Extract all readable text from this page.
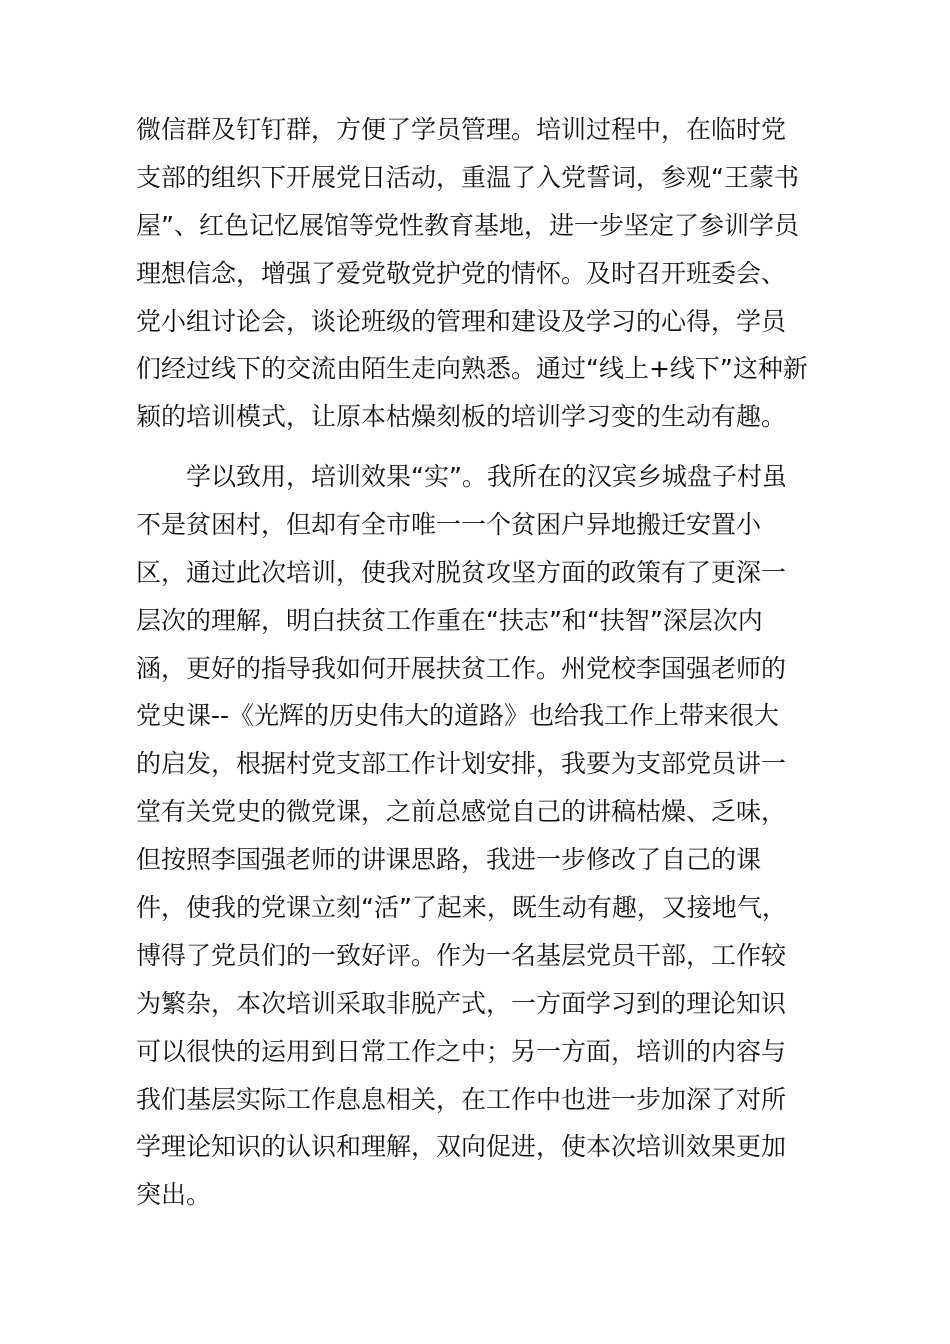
微信群及钉钉群，方便了学员管理。培训过程中，在临时党
支部的组织下开展党日活动，重温了入党誓词，参观“王蒙书
屋”、红色记忆展馆等党性教育基地，进一步坚定了参训学员
理想信念，增强了爱党敬党护党的情怀。及时召开班委会、
党小组讨论会，谈论班级的管理和建设及学习的心得，学员
们经过线下的交流由陌生走向熟悉。通过“线上+线下”这种新
颖的培训模式，让原本枯燥刻板的培训学习变的生动有趣。
　　学以致用，培训效果“实”。我所在的汉宾乡城盘子村虽
不是贫困村，但却有全市唯一一个贫困户异地搬迁安置小
区，通过此次培训，使我对脱贫攻坚方面的政策有了更深一
层次的理解，明白扶贫工作重在“扶志”和“扶智”深层次内
涵，更好的指导我如何开展扶贫工作。州党校李国强老师的
党史课--《光辉的历史伟大的道路》也给我工作上带来很大
的启发，根据村党支部工作计划安排，我要为支部党员讲一
堂有关党史的微党课，之前总感觉自己的讲稿枯燥、乏味，
但按照李国强老师的讲课思路，我进一步修改了自己的课
件，使我的党课立刻“活”了起来，既生动有趣，又接地气，
博得了党员们的一致好评。作为一名基层党员干部，工作较
为繁杂，本次培训采取非脱产式，一方面学习到的理论知识
可以很快的运用到日常工作之中；另一方面，培训的内容与
我们基层实际工作息息相关，在工作中也进一步加深了对所
学理论知识的认识和理解，双向促进，使本次培训效果更加
突出。
